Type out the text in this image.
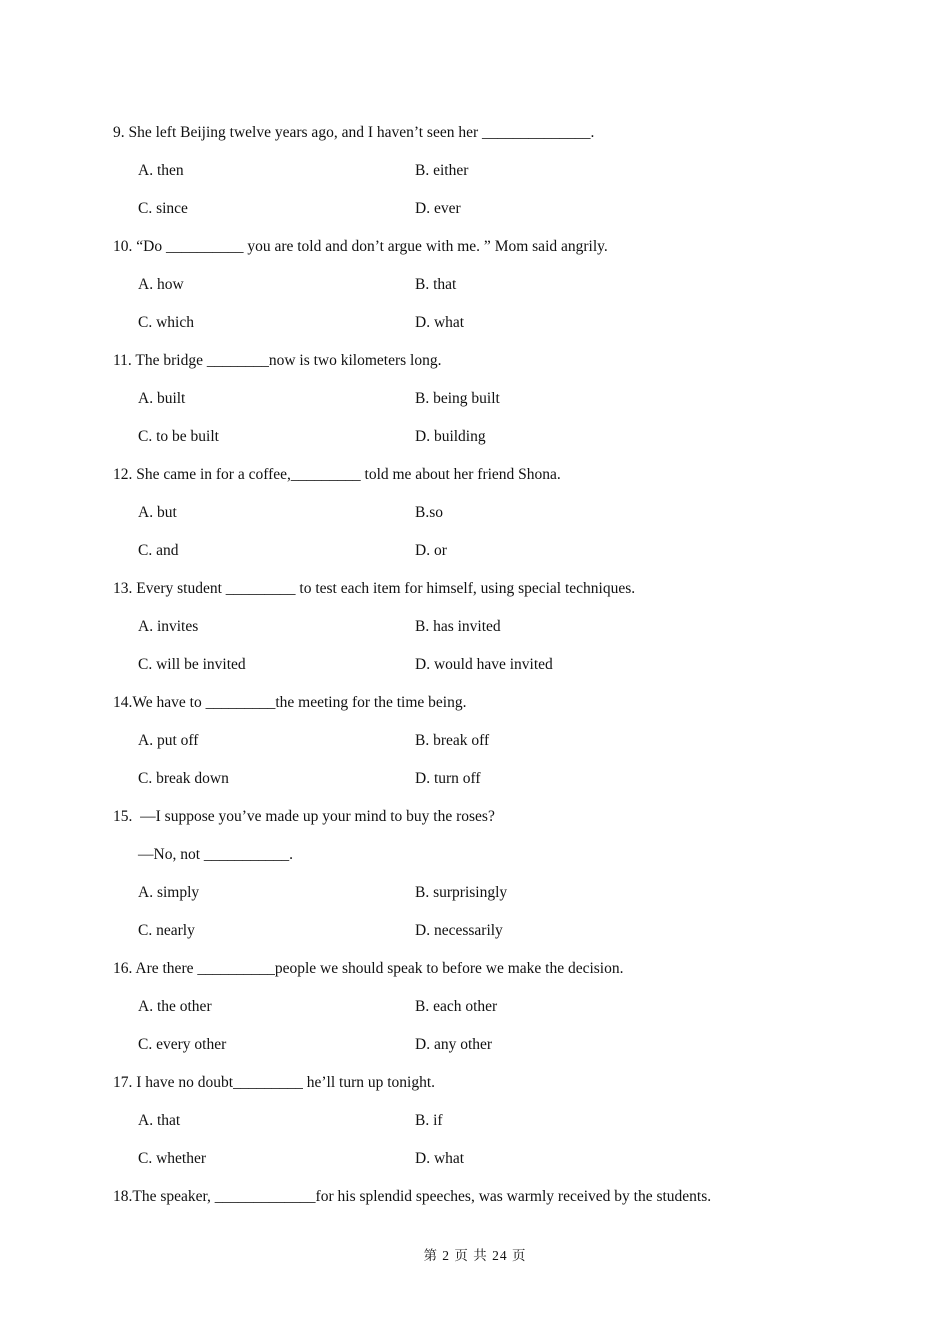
9. She left Beijing twelve years ago, and I haven’t seen her ______________.
A. then	B. either
C. since	D. ever
10. “Do __________ you are told and don’t argue with me. ” Mom said angrily.
A. how	B. that
C. which	D. what
11. The bridge ________now is two kilometers long.
A. built	B. being built
C. to be built	D. building
12. She came in for a coffee,_________ told me about her friend Shona.
A. but	B.so
C. and	D. or
13. Every student _________ to test each item for himself, using special techniques.
A. invites	B. has invited
C. will be invited	D. would have invited
14.We have to _________the meeting for the time being.
A. put off	B. break off
C. break down	D. turn off
15.  —I suppose you’ve made up your mind to buy the roses?
—No, not ___________.
A. simply	B. surprisingly
C. nearly	D. necessarily
16. Are there __________people we should speak to before we make the decision.
A. the other	B. each other
C. every other	D. any other
17. I have no doubt_________ he’ll turn up tonight.
A. that	B. if
C. whether	D. what
18.The speaker, _____________for his splendid speeches, was warmly received by the students.
第 2 页 共 24 页
